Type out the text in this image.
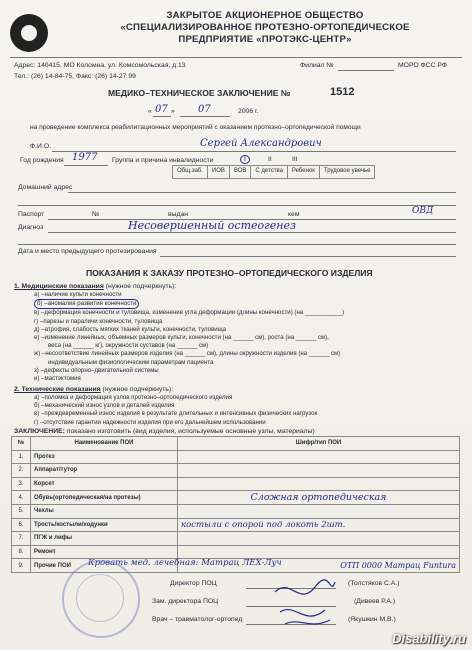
ЗАКРЫТОЕ АКЦИОНЕРНОЕ ОБЩЕСТВО
«СПЕЦИАЛИЗИРОВАННОЕ ПРОТЕЗНО-ОРТОПЕДИЧЕСКОЕ
ПРЕДПРИЯТИЕ «ПРОТЭКС-ЦЕНТР»
Адрес: 140415, МО Коломна, ул. Комсомольская, д.13
Тел.: (26) 14-84-75, Факс: (26) 14-27 99
Филиал №	МОРО ФСС РФ
МЕДИКО–ТЕХНИЧЕСКОЕ ЗАКЛЮЧЕНИЕ №	1512
« 07 » 07	2006 г.
на проведение комплекса реабилитационных мероприятий с оказанием протезно–ортопедической помощи
Ф.И.О.	Сергей Александрович
Год рождения 1977 Группа и причина инвалидности	I	II	III
Общ.заб.	ИОВ	ВОВ	С детства	Ребенок	Трудовое увечье
Домашний адрес
Паспорт	№	выдан	кем	ОВД
Диагноз	Несовершенный остеогенез
Дата и место предыдущего протезирования
ПОКАЗАНИЯ К ЗАКАЗУ ПРОТЕЗНО–ОРТОПЕДИЧЕСКОГО ИЗДЕЛИЯ
1. Медицинские показания (нужное подчеркнуть):
а) –наличие культи конечности
б) –аномалия развития конечности
в) –деформация конечности и туловища, изменение угла деформации (длины конечности) (на ___________)
г) –парезы и параличи конечности, туловища
д) –атрофия, слабость мягких тканей культи, конечности, туловища
е) –изменение линейных, объемных размеров культи, конечности (на ______ см), роста (на ______ см),
веса (на ______ кг), окружности суставов (на ______ см)
ж) –несоответствие линейных размеров изделия (на ______ см), длины окружности изделия (на ______ см)
индивидуальным физиологическим параметрам пациента
з) –дефекты опорно–двигательной системы
и) –мастэктомия
2. Технические показания (нужное подчеркнуть):
а) –поломка и деформация узлов протезно–ортопедического изделия
б) –механический износ узлов и деталей изделия
в) –преждевременный износ изделия в результате длительных и интенсивных физических нагрузок
г) –отсутствие гарантии надежности изделия при его дальнейшем использовании
ЗАКЛЮЧЕНИЕ: показано изготовить (вид изделия, используемые основные узлы, материалы)
№	Наименование ПОИ	Шифр/тип ПОИ
1.	Протез	
2.	Аппарат/тутор	
3.	Корсет	
4.	Обувь(ортопедическая/на протезы)	Сложная ортопедическая
5.	Чехлы	
6.	Трость/костыли/ходунки	костыли с опорой под локоть 2шт.
7.	ПГЖ и лифы	
8.	Ремонт	
9.	Прочие ПОИ	ОТП 0000 Матрац Funtura
Кровать мед. лечебная: Матрац ЛЕХ-Луч
Директор ПОЦ	(Толстяков С.А.)
Зам. директора ПОЦ	(Дивеев Р.А.)
Врач – травматолог-ортопед	(Якушкин М.В.)
Disability.ru
